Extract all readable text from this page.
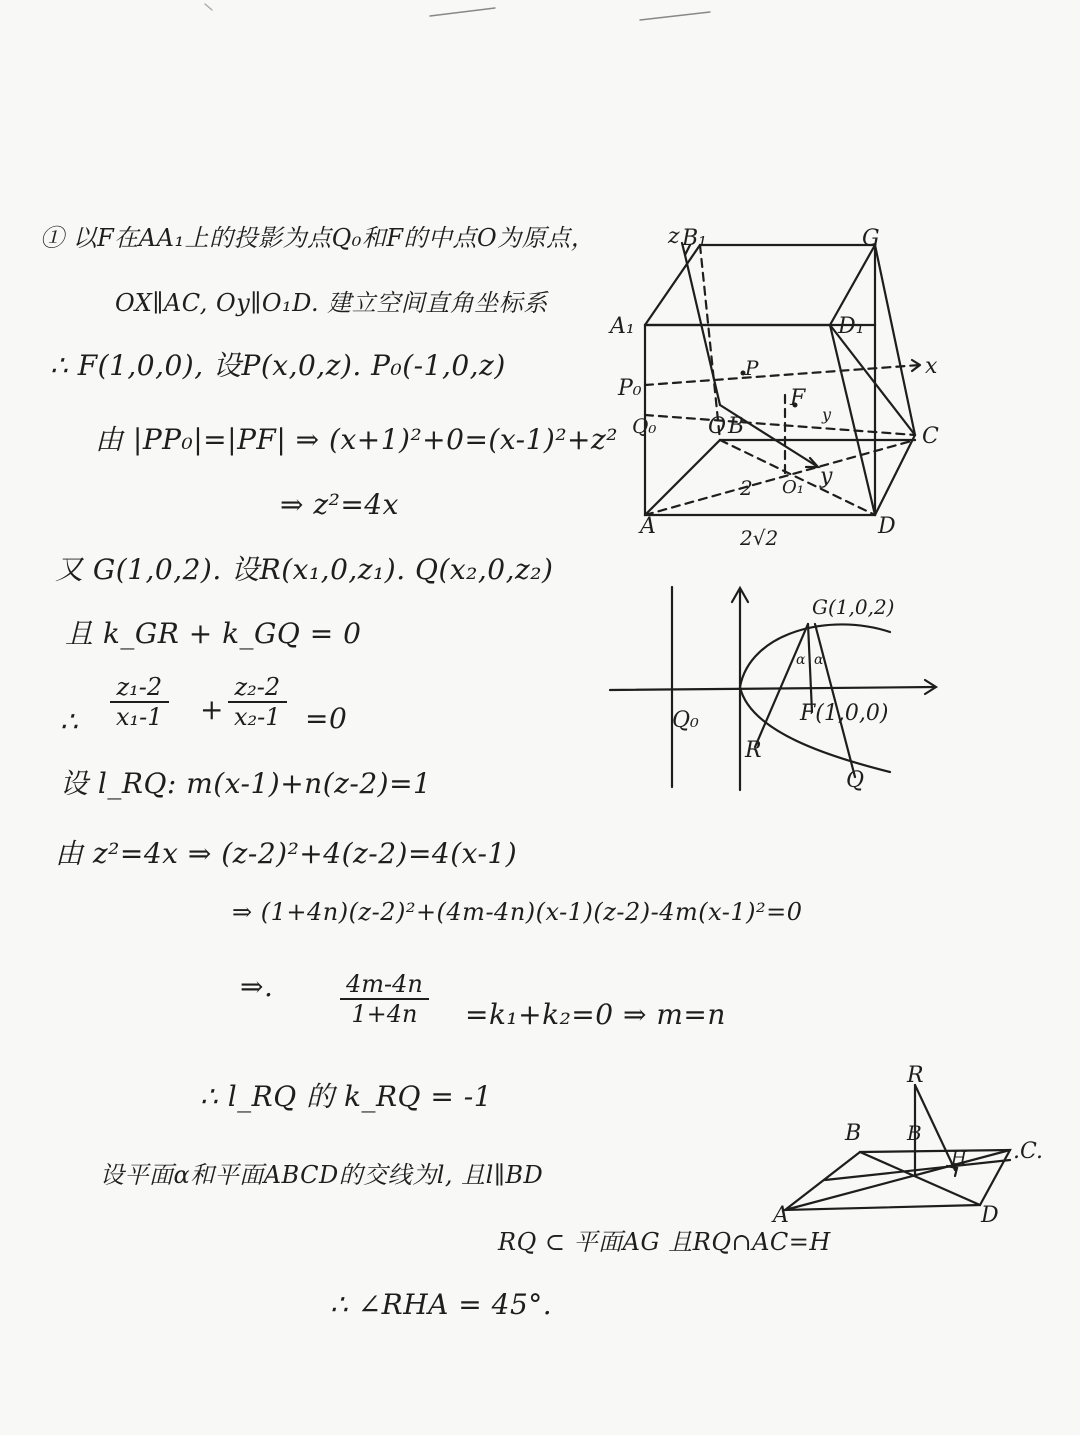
① 以F在AA₁上的投影为点Q₀和F的中点O为原点，
OX∥AC, Oy∥O₁D. 建立空间直角坐标系
∴ F(1,0,0), 设P(x,0,z). P₀(-1,0,z)
由 |PP₀|=|PF| ⇒ (x+1)²+0=(x-1)²+z²
⇒ z²=4x
又 G(1,0,2). 设R(x₁,0,z₁). Q(x₂,0,z₂)
且 k_GR + k_GQ = 0
∴ $\frac{\text{z₁-2}}{\text{x₁-1}} + \frac{\text{z₂-2}}{\text{x₂-1}} =0$
设 l_RQ: m(x-1)+n(z-2)=1
由 z²=4x ⇒ (z-2)²+4(z-2)=4(x-1)
⇒ (1+4n)(z-2)²+(4m-4n)(x-1)(z-2)-4m(x-1)²=0
⇒.	$\frac{4m-4n}{1+4n} =k_1+k_2=0$ ⇒ m=n
∴ l_RQ 的 k_RQ = -1
设平面α和平面ABCD的交线为l, 且l∥BD
RQ ⊂ 平面AG 且RQ∩AC=H
∴ ∠RHA = 45°.
z B₁	G
A₁	D₁
x
P₀
P
Q₀ O B
F
C
y
y
A	D
2 O₁
2√2
G(1,0,2)
α α
Q₀	F(1,0,0)
R
Q
R
B B
H .C.
A	D
